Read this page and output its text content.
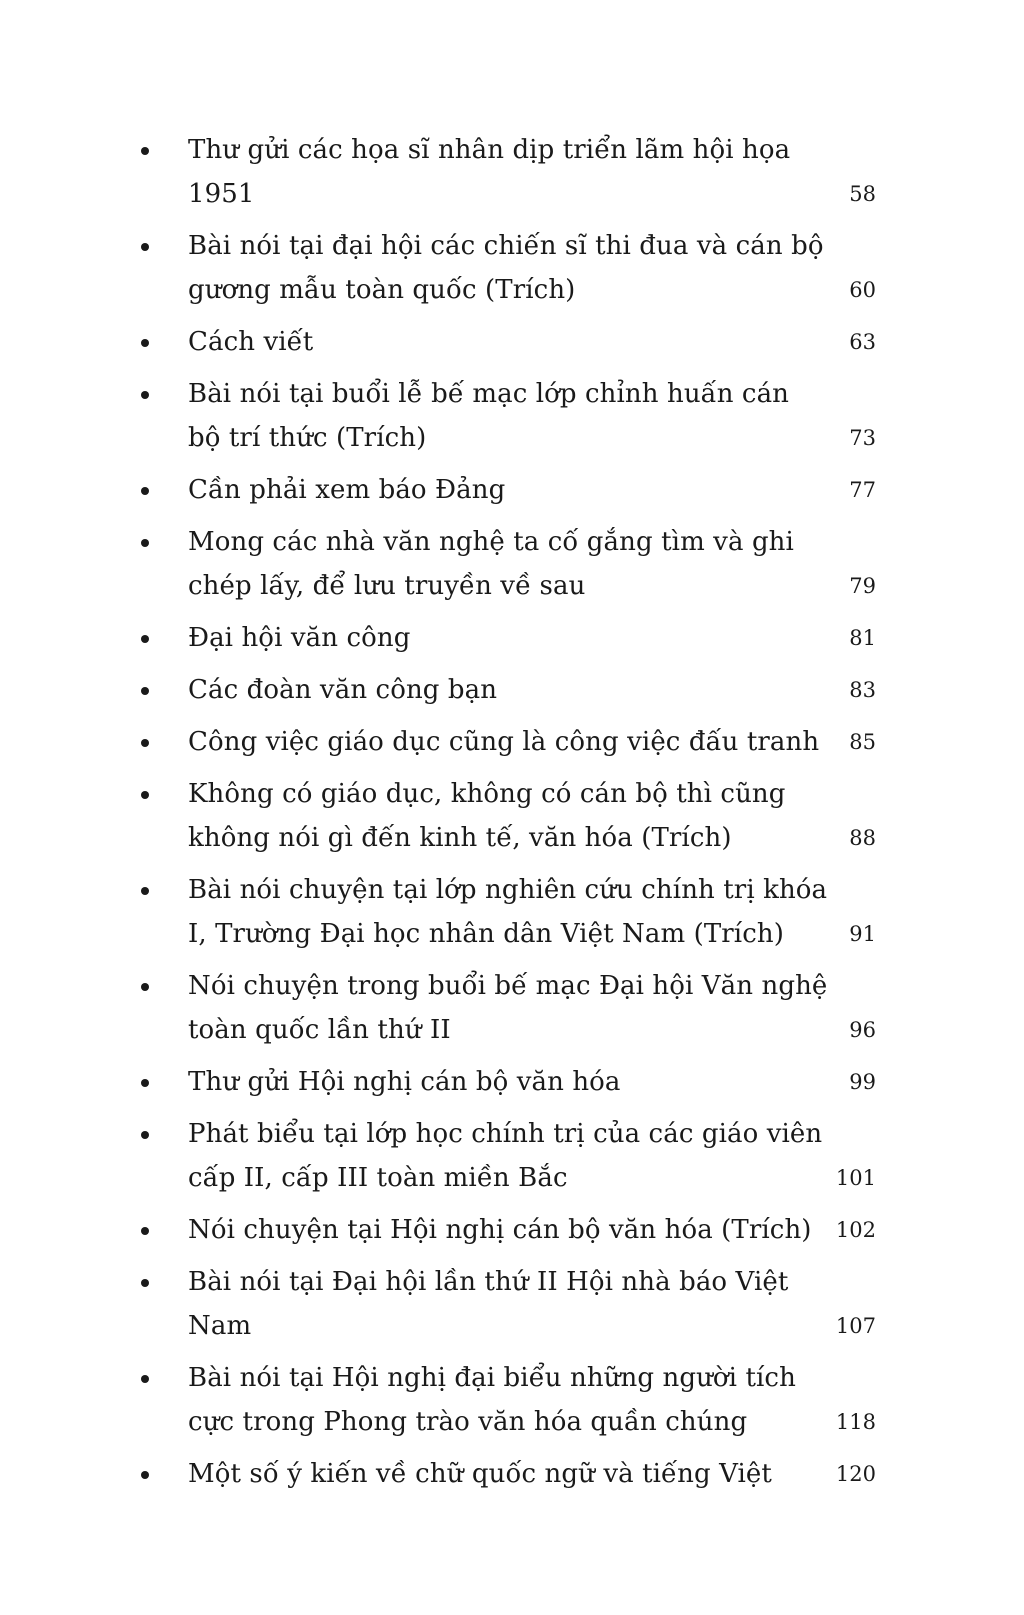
Thư gửi các họa sĩ nhân dịp triển lãm hội họa 1951	58
Bài nói tại đại hội các chiến sĩ thi đua và cán bộ gương mẫu toàn quốc (Trích)	60
Cách viết	63
Bài nói tại buổi lễ bế mạc lớp chỉnh huấn cán bộ trí thức (Trích)	73
Cần phải xem báo Đảng	77
Mong các nhà văn nghệ ta cố gắng tìm và ghi chép lấy, để lưu truyền về sau	79
Đại hội văn công	81
Các đoàn văn công bạn	83
Công việc giáo dục cũng là công việc đấu tranh	85
Không có giáo dục, không có cán bộ thì cũng không nói gì đến kinh tế, văn hóa (Trích)	88
Bài nói chuyện tại lớp nghiên cứu chính trị khóa I, Trường Đại học nhân dân Việt Nam (Trích)	91
Nói chuyện trong buổi bế mạc Đại hội Văn nghệ toàn quốc lần thứ II	96
Thư gửi Hội nghị cán bộ văn hóa	99
Phát biểu tại lớp học chính trị của các giáo viên cấp II, cấp III toàn miền Bắc	101
Nói chuyện tại Hội nghị cán bộ văn hóa (Trích)	102
Bài nói tại Đại hội lần thứ II Hội nhà báo Việt Nam	107
Bài nói tại Hội nghị đại biểu những người tích cực trong Phong trào văn hóa quần chúng	118
Một số ý kiến về chữ quốc ngữ và tiếng Việt	120
